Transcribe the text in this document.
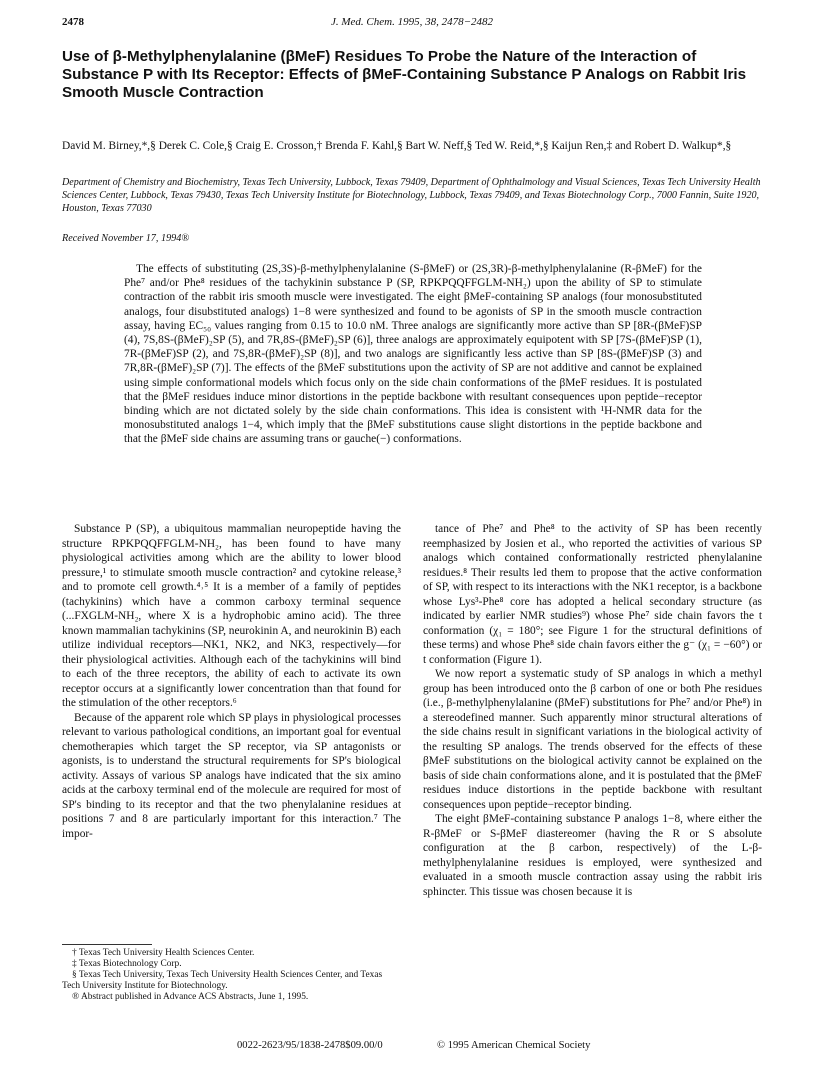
2478	J. Med. Chem. 1995, 38, 2478−2482
Use of β-Methylphenylalanine (βMeF) Residues To Probe the Nature of the Interaction of Substance P with Its Receptor: Effects of βMeF-Containing Substance P Analogs on Rabbit Iris Smooth Muscle Contraction

David M. Birney,*,§ Derek C. Cole,§ Craig E. Crosson,† Brenda F. Kahl,§ Bart W. Neff,§ Ted W. Reid,*,§ Kaijun Ren,‡ and Robert D. Walkup*,§

Department of Chemistry and Biochemistry, Texas Tech University, Lubbock, Texas 79409, Department of Ophthalmology and Visual Sciences, Texas Tech University Health Sciences Center, Lubbock, Texas 79430, Texas Tech University Institute for Biotechnology, Lubbock, Texas 79409, and Texas Biotechnology Corp., 7000 Fannin, Suite 1920, Houston, Texas 77030

Received November 17, 1994®

The effects of substituting (2S,3S)-β-methylphenylalanine (S-βMeF) or (2S,3R)-β-methylphenylalanine (R-βMeF) for the Phe⁷ and/or Phe⁸ residues of the tachykinin substance P (SP, RPKPQQFFGLM-NH₂) upon the ability of SP to stimulate contraction of the rabbit iris smooth muscle were investigated. The eight βMeF-containing SP analogs (four monosubstituted analogs, four disubstituted analogs) 1−8 were synthesized and found to be agonists of SP in the smooth muscle contraction assay, having EC₅₀ values ranging from 0.15 to 10.0 nM. Three analogs are significantly more active than SP [8R-(βMeF)SP (4), 7S,8S-(βMeF)₂SP (5), and 7R,8S-(βMeF)₂SP (6)], three analogs are approximately equipotent with SP [7S-(βMeF)SP (1), 7R-(βMeF)SP (2), and 7S,8R-(βMeF)₂SP (8)], and two analogs are significantly less active than SP [8S-(βMeF)SP (3) and 7R,8R-(βMeF)₂SP (7)]. The effects of the βMeF substitutions upon the activity of SP are not additive and cannot be explained using simple conformational models which focus only on the side chain conformations of the βMeF residues. It is postulated that the βMeF residues induce minor distortions in the peptide backbone with resultant consequences upon peptide−receptor binding which are not dictated solely by the side chain conformations. This idea is consistent with ¹H-NMR data for the monosubstituted analogs 1−4, which imply that the βMeF substitutions cause slight distortions in the peptide backbone and that the βMeF side chains are assuming trans or gauche(−) conformations.

Substance P (SP), a ubiquitous mammalian neuropeptide having the structure RPKPQQFFGLM-NH₂, has been found to have many physiological activities among which are the ability to lower blood pressure,¹ to stimulate smooth muscle contraction² and cytokine release,³ and to promote cell growth.⁴˒⁵ It is a member of a family of peptides (tachykinins) which have a common carboxy terminal sequence (...FXGLM-NH₂, where X is a hydrophobic amino acid). The three known mammalian tachykinins (SP, neurokinin A, and neurokinin B) each utilize individual receptors—NK1, NK2, and NK3, respectively—for their physiological activities. Although each of the tachykinins will bind to each of the three receptors, the ability of each to activate its own receptor occurs at a significantly lower concentration than that found for the stimulation of the other receptors.⁶

Because of the apparent role which SP plays in physiological processes relevant to various pathological conditions, an important goal for eventual chemotherapies which target the SP receptor, via SP antagonists or agonists, is to understand the structural requirements for SP's biological activity. Assays of various SP analogs have indicated that the six amino acids at the carboxy terminal end of the molecule are required for most of SP's binding to its receptor and that the two phenylalanine residues at positions 7 and 8 are particularly important for this interaction.⁷ The impor-

tance of Phe⁷ and Phe⁸ to the activity of SP has been recently reemphasized by Josien et al., who reported the activities of various SP analogs which contained conformationally restricted phenylalanine residues.⁸ Their results led them to propose that the active conformation of SP, with respect to its interactions with the NK1 receptor, is a backbone whose Lys³-Phe⁸ core has adopted a helical secondary structure (as indicated by earlier NMR studies⁹) whose Phe⁷ side chain favors the t conformation (χ₁ = 180°; see Figure 1 for the structural definitions of these terms) and whose Phe⁸ side chain favors either the g⁻ (χ₁ = −60°) or t conformation (Figure 1).

We now report a systematic study of SP analogs in which a methyl group has been introduced onto the β carbon of one or both Phe residues (i.e., β-methylphenylalanine (βMeF) substitutions for Phe⁷ and/or Phe⁸) in a stereodefined manner. Such apparently minor structural alterations of the side chains result in significant variations in the biological activity of the resulting SP analogs. The trends observed for the effects of these βMeF substitutions on the biological activity cannot be explained on the basis of side chain conformations alone, and it is postulated that the βMeF residues induce distortions in the peptide backbone with resultant consequences upon peptide−receptor binding.

The eight βMeF-containing substance P analogs 1−8, where either the R-βMeF or S-βMeF diastereomer (having the R or S absolute configuration at the β carbon, respectively) of the L-β-methylphenylalanine residues is employed, were synthesized and evaluated in a smooth muscle contraction assay using the rabbit iris sphincter. This tissue was chosen because it is

† Texas Tech University Health Sciences Center.
‡ Texas Biotechnology Corp.
§ Texas Tech University, Texas Tech University Health Sciences Center, and Texas Tech University Institute for Biotechnology.
® Abstract published in Advance ACS Abstracts, June 1, 1995.
0022-2623/95/1838-2478$09.00/0	© 1995 American Chemical Society
